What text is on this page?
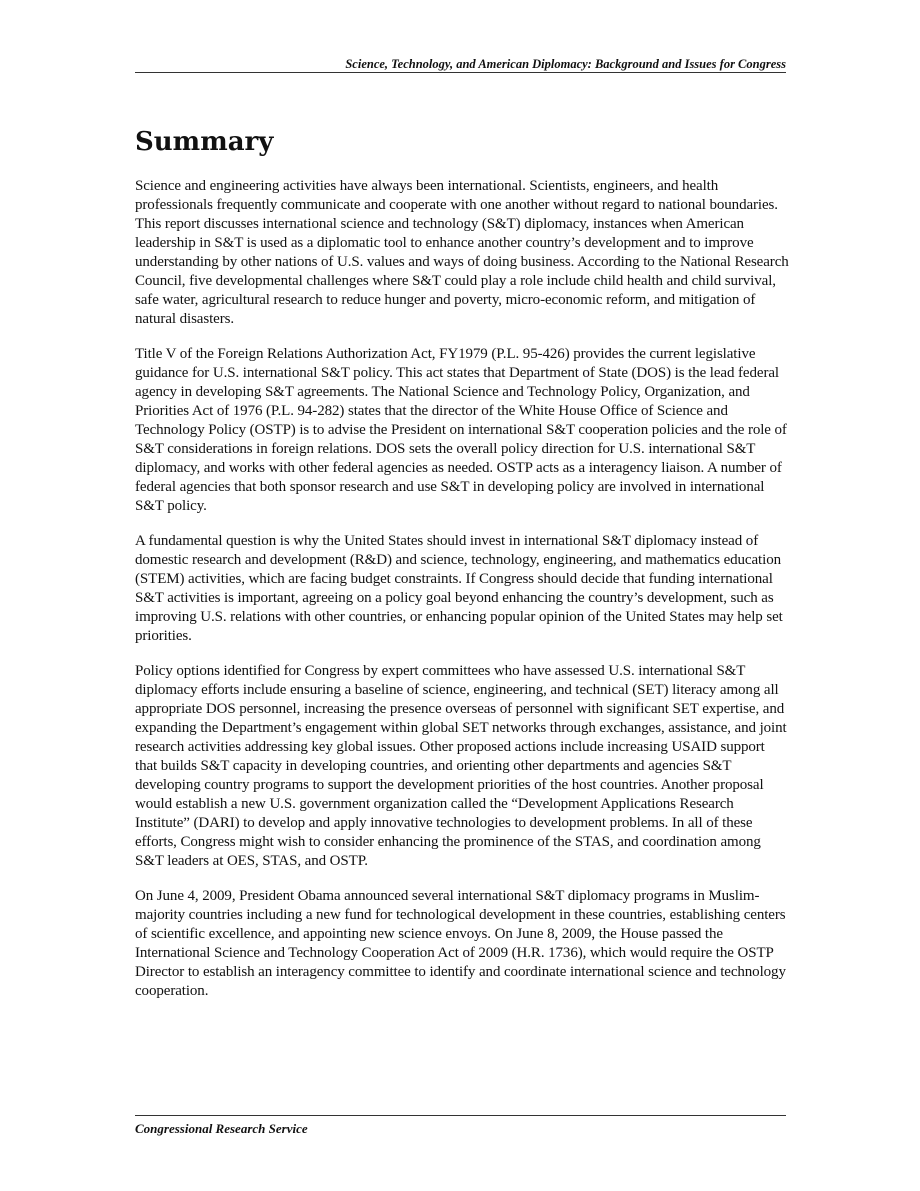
Science, Technology, and American Diplomacy: Background and Issues for Congress
Summary

Science and engineering activities have always been international. Scientists, engineers, and health professionals frequently communicate and cooperate with one another without regard to national boundaries. This report discusses international science and technology (S&T) diplomacy, instances when American leadership in S&T is used as a diplomatic tool to enhance another country’s development and to improve understanding by other nations of U.S. values and ways of doing business. According to the National Research Council, five developmental challenges where S&T could play a role include child health and child survival, safe water, agricultural research to reduce hunger and poverty, micro-economic reform, and mitigation of natural disasters.

Title V of the Foreign Relations Authorization Act, FY1979 (P.L. 95-426) provides the current legislative guidance for U.S. international S&T policy. This act states that Department of State (DOS) is the lead federal agency in developing S&T agreements. The National Science and Technology Policy, Organization, and Priorities Act of 1976 (P.L. 94-282) states that the director of the White House Office of Science and Technology Policy (OSTP) is to advise the President on international S&T cooperation policies and the role of S&T considerations in foreign relations. DOS sets the overall policy direction for U.S. international S&T diplomacy, and works with other federal agencies as needed. OSTP acts as a interagency liaison. A number of federal agencies that both sponsor research and use S&T in developing policy are involved in international S&T policy.

A fundamental question is why the United States should invest in international S&T diplomacy instead of domestic research and development (R&D) and science, technology, engineering, and mathematics education (STEM) activities, which are facing budget constraints. If Congress should decide that funding international S&T activities is important, agreeing on a policy goal beyond enhancing the country’s development, such as improving U.S. relations with other countries, or enhancing popular opinion of the United States may help set priorities.

Policy options identified for Congress by expert committees who have assessed U.S. international S&T diplomacy efforts include ensuring a baseline of science, engineering, and technical (SET) literacy among all appropriate DOS personnel, increasing the presence overseas of personnel with significant SET expertise, and expanding the Department’s engagement within global SET networks through exchanges, assistance, and joint research activities addressing key global issues. Other proposed actions include increasing USAID support that builds S&T capacity in developing countries, and orienting other departments and agencies S&T developing country programs to support the development priorities of the host countries. Another proposal would establish a new U.S. government organization called the “Development Applications Research Institute” (DARI) to develop and apply innovative technologies to development problems. In all of these efforts, Congress might wish to consider enhancing the prominence of the STAS, and coordination among S&T leaders at OES, STAS, and OSTP.

On June 4, 2009, President Obama announced several international S&T diplomacy programs in Muslim-majority countries including a new fund for technological development in these countries, establishing centers of scientific excellence, and appointing new science envoys. On June 8, 2009, the House passed the International Science and Technology Cooperation Act of 2009 (H.R. 1736), which would require the OSTP Director to establish an interagency committee to identify and coordinate international science and technology cooperation.

Congressional Research Service
